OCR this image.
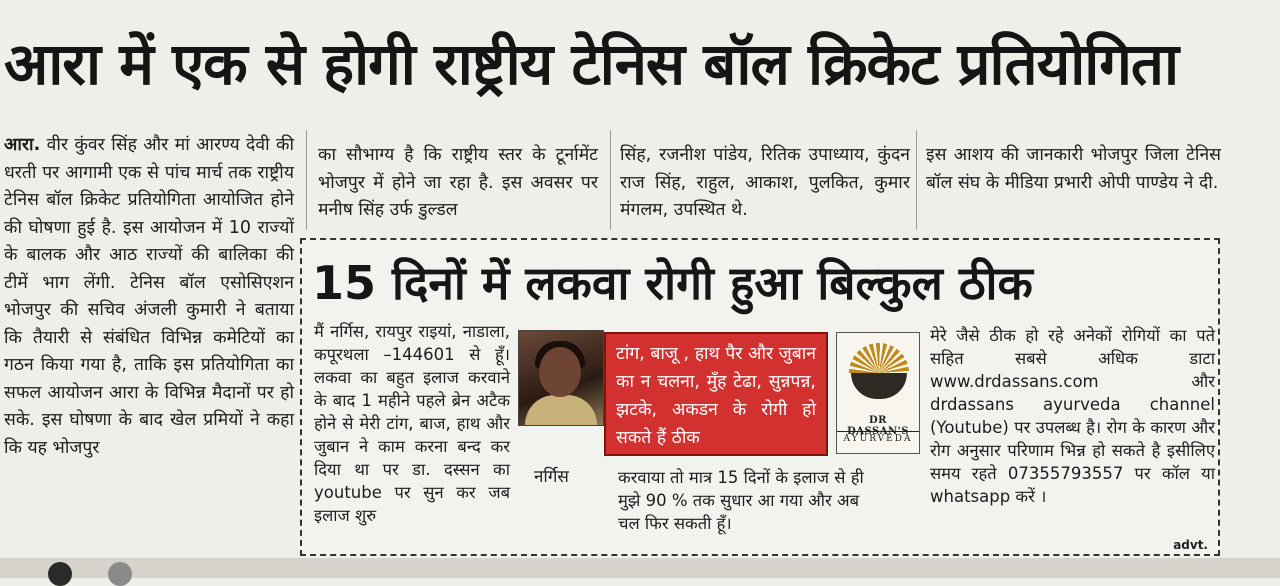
आरा में एक से होगी राष्ट्रीय टेनिस बॉल क्रिकेट प्रतियोगिता
आरा. वीर कुंवर सिंह और मां आरण्य देवी की धरती पर आगामी एक से पांच मार्च तक राष्ट्रीय टेनिस बॉल क्रिकेट प्रतियोगिता आयोजित होने की घोषणा हुई है. इस आयोजन में 10 राज्यों के बालक और आठ राज्यों की बालिका की टीमें भाग लेंगी. टेनिस बॉल एसोसिएशन भोजपुर की सचिव अंजली कुमारी ने बताया कि तैयारी से संबंधित विभिन्न कमेटियों का गठन किया गया है, ताकि इस प्रतियोगिता का सफल आयोजन आरा के विभिन्न मैदानों पर हो सके. इस घोषणा के बाद खेल प्रमियों ने कहा कि यह भोजपुर
का सौभाग्य है कि राष्ट्रीय स्तर के टूर्नामेंट भोजपुर में होने जा रहा है. इस अवसर पर मनीष सिंह उर्फ डुल्डल
सिंह, रजनीश पांडेय, रितिक उपाध्याय, कुंदन राज सिंह, राहुल, आकाश, पुलकित, कुमार मंगलम, उपस्थित थे.
इस आशय की जानकारी भोजपुर जिला टेनिस बॉल संघ के मीडिया प्रभारी ओपी पाण्डेय ने दी.
15 दिनों में लकवा रोगी हुआ बिल्कुल ठीक
मैं नर्गिस, रायपुर राइयां, नाडाला, कपूरथला –144601 से हूँ। लकवा का बहुत इलाज करवाने के बाद 1 महीने पहले ब्रेन अटैक होने से मेरी टांग, बाज, हाथ और जुबान ने काम करना बन्द कर दिया था पर डा. दस्सन का youtube पर सुन कर जब इलाज शुरु
नर्गिस
टांग, बाजू , हाथ पैर और जुबान का न चलना, मुँह टेढा, सुन्नपन्न, झटके, अकडन के रोगी हो सकते हैं ठीक
DR DASSAN'S
AYURVEDA
करवाया तो मात्र 15 दिनों के इलाज से ही मुझे 90 % तक सुधार आ गया और अब चल फिर सकती हूँ।
मेरे जैसे ठीक हो रहे अनेकों रोगियों का पते सहित सबसे अधिक डाटा www.drdassans.com और drdassans ayurveda channel (Youtube) पर उपलब्ध है। रोग के कारण और रोग अनुसार परिणाम भिन्न हो सकते है इसीलिए समय रहते 07355793557 पर कॉल या whatsapp करें ।
advt.
